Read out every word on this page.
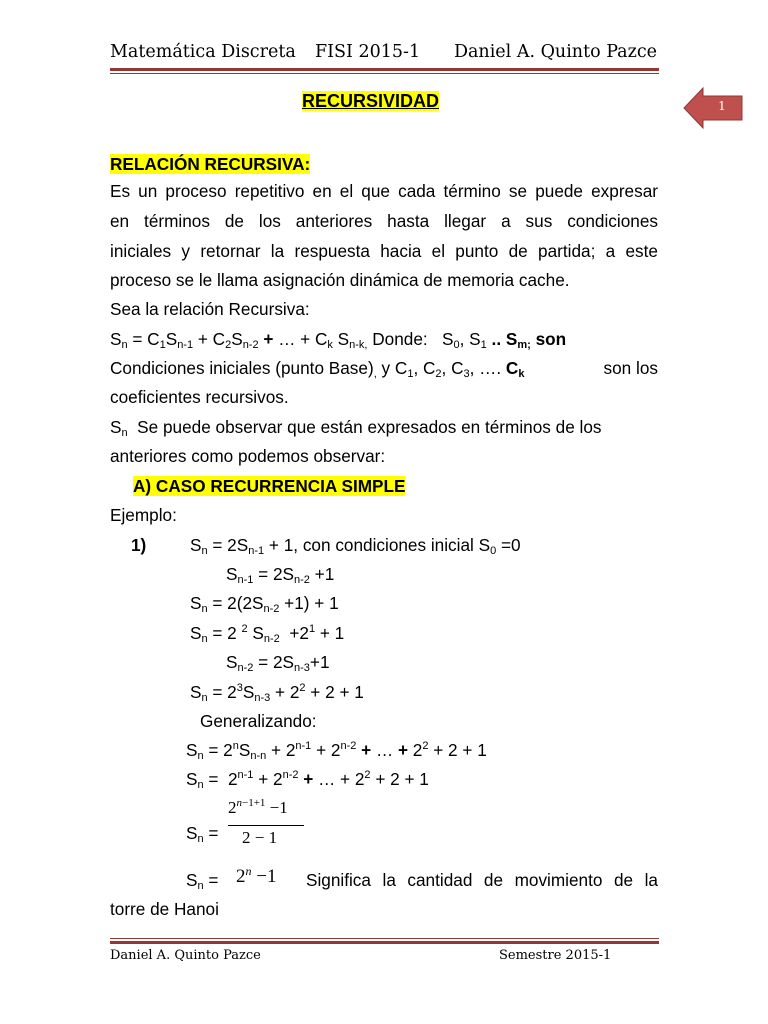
Matemática Discreta FISI 2015-1 Daniel A. Quinto Pazce
1
RECURSIVIDAD
RELACIÓN RECURSIVA:
Es un proceso repetitivo en el que cada término se puede expresar
en términos de los anteriores hasta llegar a sus condiciones
iniciales y retornar la respuesta hacia el punto de partida; a este
proceso se le llama asignación dinámica de memoria cache.
Sea la relación Recursiva:
$S_n = C_1S_{n-1} + C_2S_{n-2}$ + … + $C_k$ $S_{n-k,}$ Donde:   $S_0$, $S_1$ .. $S_{m;}$ son
Condiciones iniciales (punto $Base)_,$ y $C_1$, $C_2$, $C_3$, …. $C_k$	son los
coeficientes recursivos.
$S_n$ Se puede observar que están expresados en términos de los
anteriores como podemos observar:
A) CASO RECURRENCIA SIMPLE
Ejemplo:
1)	$S_n = 2S_{n-1} + 1$, con condiciones inicial $S_0 =0$
$S_{n-1} = 2S_{n-2} +1$
$S_n = 2(2S_{n-2} +1) + 1$
$S_n = 2$ $^2$ $S_{n-2} +2^1 + 1$
$S_{n-2} = 2S_{n-3}+1$
$S_n = 2^3S_{n-3} + 2^2 + 2 + 1$
Generalizando:
$S_n = 2^nS_{n-n} + 2^{n-1} + 2^{n-2}$ + … + $2^2 + 2 + 1$
$S_n = 2^{n-1} + 2^{n-2}$ + … + $2^2 + 2 + 1$
$S_n$ =
$2^{n-1+1} -1$
2 − 1
$S_n = 2^n -1$ Significa la cantidad de movimiento de la
torre de Hanoi
Daniel A. Quinto Pazce	Semestre 2015-1
